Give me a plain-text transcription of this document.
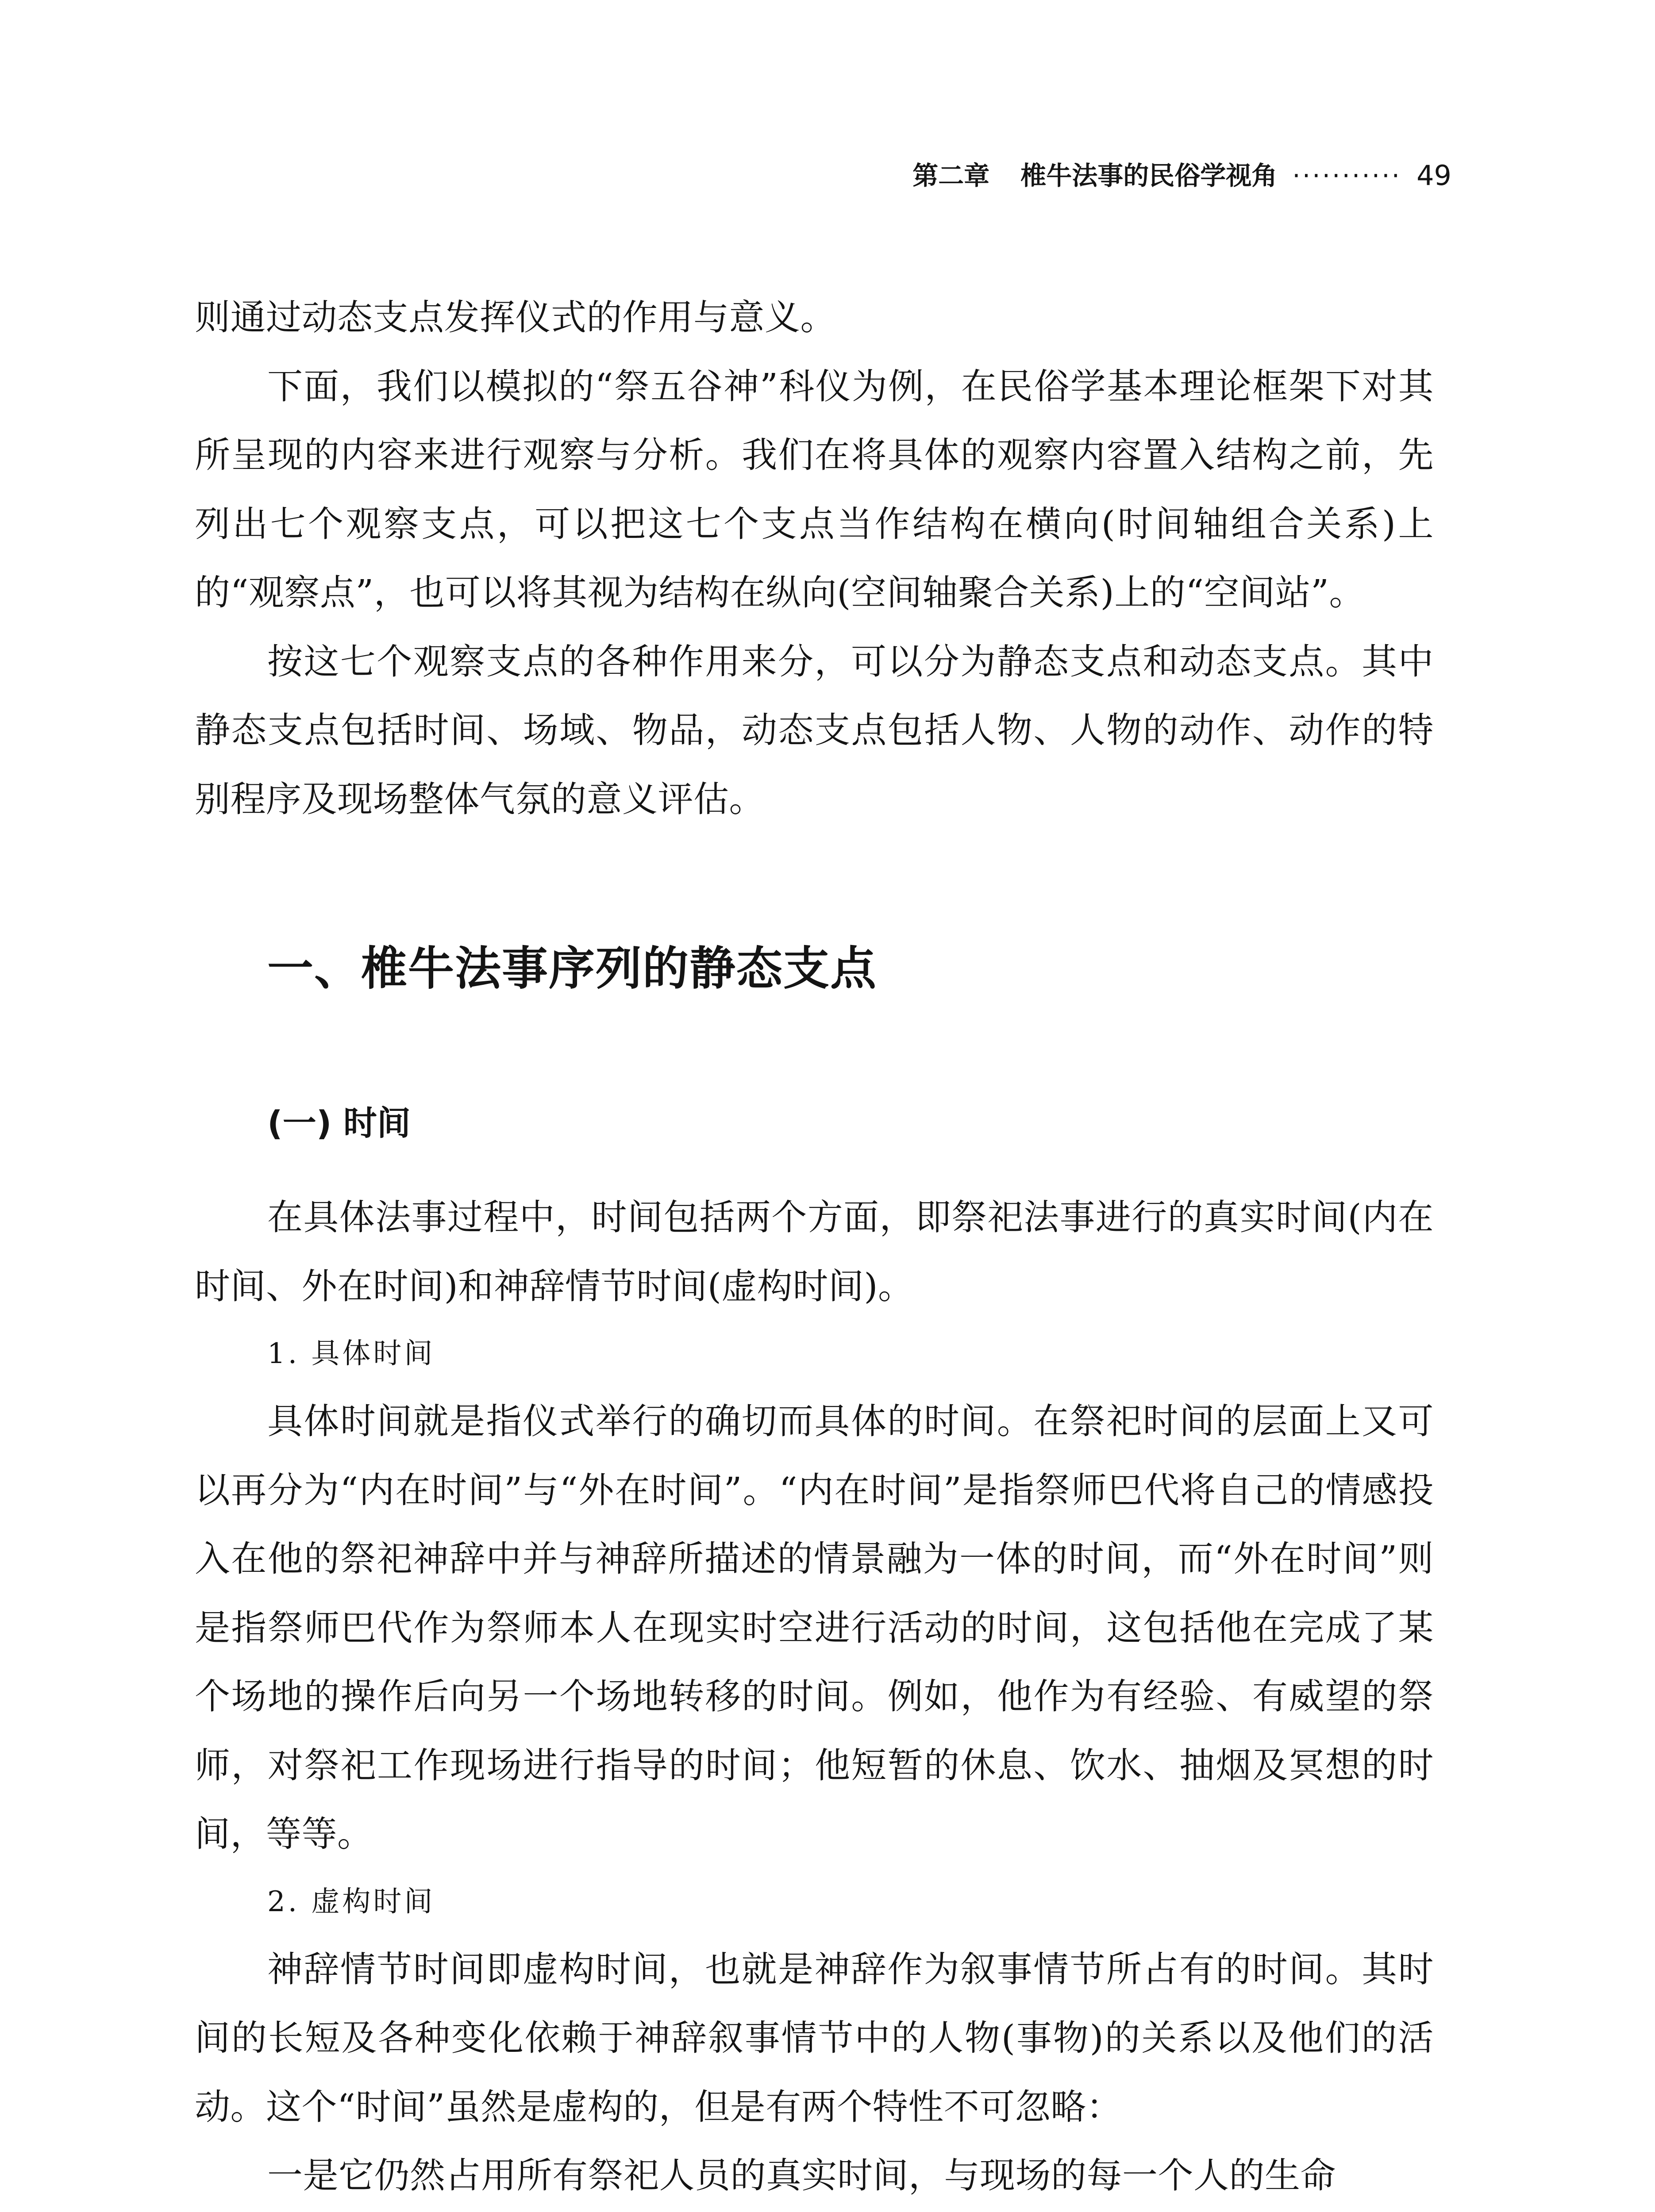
第二章 椎牛法事的民俗学视角 ··········· 49

则通过动态支点发挥仪式的作用与意义。

下面，我们以模拟的“祭五谷神”科仪为例，在民俗学基本理论框架下对其所呈现的内容来进行观察与分析。我们在将具体的观察内容置入结构之前，先列出七个观察支点，可以把这七个支点当作结构在横向(时间轴组合关系)上的“观察点”，也可以将其视为结构在纵向(空间轴聚合关系)上的“空间站”。

按这七个观察支点的各种作用来分，可以分为静态支点和动态支点。其中静态支点包括时间、场域、物品，动态支点包括人物、人物的动作、动作的特别程序及现场整体气氛的意义评估。

一、椎牛法事序列的静态支点
(一) 时间

在具体法事过程中，时间包括两个方面，即祭祀法事进行的真实时间(内在时间、外在时间)和神辞情节时间(虚构时间)。

1. 具体时间

具体时间就是指仪式举行的确切而具体的时间。在祭祀时间的层面上又可以再分为“内在时间”与“外在时间”。“内在时间”是指祭师巴代将自己的情感投入在他的祭祀神辞中并与神辞所描述的情景融为一体的时间，而“外在时间”则是指祭师巴代作为祭师本人在现实时空进行活动的时间，这包括他在完成了某个场地的操作后向另一个场地转移的时间。例如，他作为有经验、有威望的祭师，对祭祀工作现场进行指导的时间；他短暂的休息、饮水、抽烟及冥想的时间，等等。

2. 虚构时间

神辞情节时间即虚构时间，也就是神辞作为叙事情节所占有的时间。其时间的长短及各种变化依赖于神辞叙事情节中的人物(事物)的关系以及他们的活动。这个“时间”虽然是虚构的，但是有两个特性不可忽略：

一是它仍然占用所有祭祀人员的真实时间，与现场的每一个人的生命
